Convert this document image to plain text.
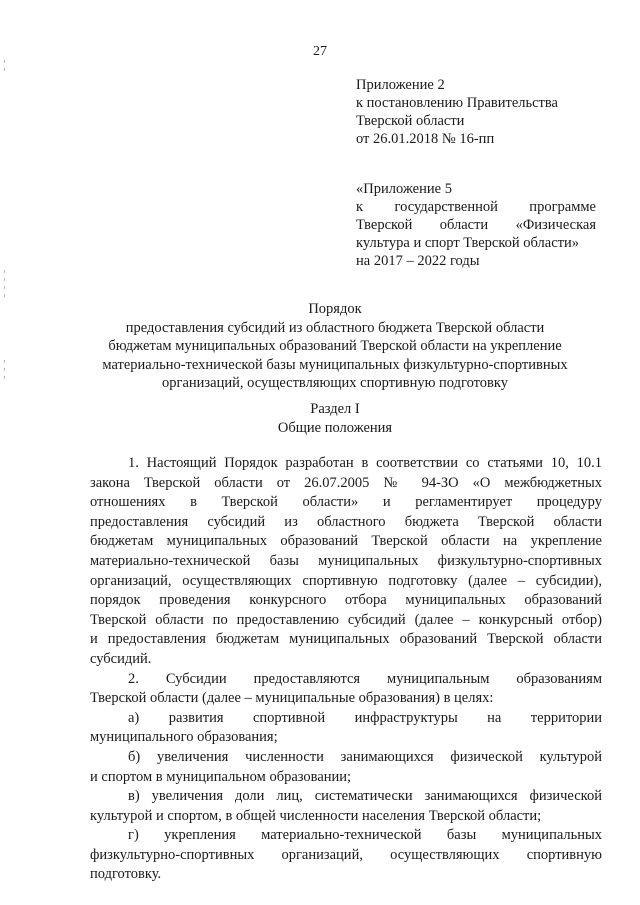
27
Приложение 2
к постановлению Правительства
Тверской области
от 26.01.2018 № 16-пп
«Приложение 5
к государственной программе
Тверской области «Физическая
культура и спорт Тверской области»
на 2017 – 2022 годы
Порядок
предоставления субсидий из областного бюджета Тверской области
бюджетам муниципальных образований Тверской области на укрепление
материально-технической базы муниципальных физкультурно-спортивных
организаций, осуществляющих спортивную подготовку
Раздел I
Общие положения
1. Настоящий Порядок разработан в соответствии со статьями 10, 10.1
закона Тверской области от 26.07.2005 № 94-ЗО «О межбюджетных
отношениях в Тверской области» и регламентирует процедуру
предоставления субсидий из областного бюджета Тверской области
бюджетам муниципальных образований Тверской области на укрепление
материально-технической базы муниципальных физкультурно-спортивных
организаций, осуществляющих спортивную подготовку (далее – субсидии),
порядок проведения конкурсного отбора муниципальных образований
Тверской области по предоставлению субсидий (далее – конкурсный отбор)
и предоставления бюджетам муниципальных образований Тверской области
субсидий.
2. Субсидии предоставляются муниципальным образованиям
Тверской области (далее – муниципальные образования) в целях:
а) развития спортивной инфраструктуры на территории
муниципального образования;
б) увеличения численности занимающихся физической культурой
и спортом в муниципальном образовании;
в) увеличения доли лиц, систематически занимающихся физической
культурой и спортом, в общей численности населения Тверской области;
г) укрепления материально-технической базы муниципальных
физкультурно-спортивных организаций, осуществляющих спортивную
подготовку.
